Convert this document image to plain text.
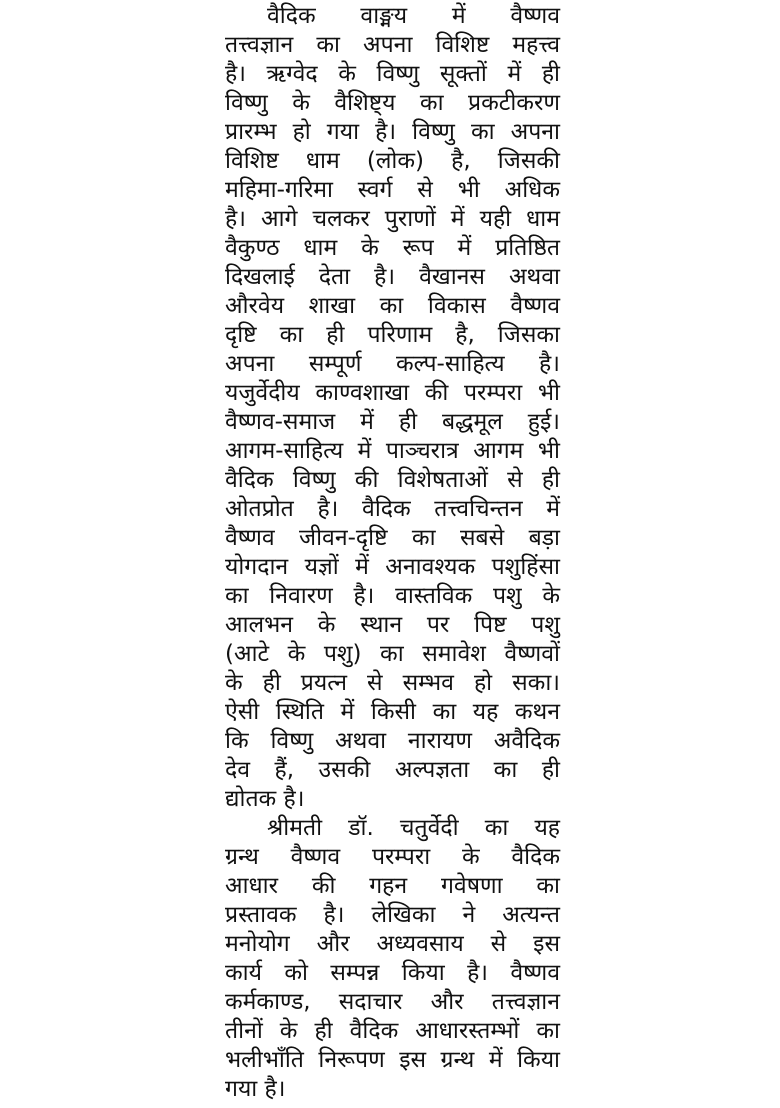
वैदिक वाङ्मय में वैष्णव
तत्त्वज्ञान का अपना विशिष्ट महत्त्व
है। ऋग्वेद के विष्णु सूक्तों में ही
विष्णु के वैशिष्ट्य का प्रकटीकरण
प्रारम्भ हो गया है। विष्णु का अपना
विशिष्ट धाम (लोक) है, जिसकी
महिमा-गरिमा स्वर्ग से भी अधिक
है। आगे चलकर पुराणों में यही धाम
वैकुण्ठ धाम के रूप में प्रतिष्ठित
दिखलाई देता है। वैखानस अथवा
औरवेय शाखा का विकास वैष्णव
दृष्टि का ही परिणाम है, जिसका
अपना सम्पूर्ण कल्प-साहित्य है।
यजुर्वेदीय काण्वशाखा की परम्परा भी
वैष्णव-समाज में ही बद्धमूल हुई।
आगम-साहित्य में पाञ्चरात्र आगम भी
वैदिक विष्णु की विशेषताओं से ही
ओतप्रोत है। वैदिक तत्त्वचिन्तन में
वैष्णव जीवन-दृष्टि का सबसे बड़ा
योगदान यज्ञों में अनावश्यक पशुहिंसा
का निवारण है। वास्तविक पशु के
आलभन के स्थान पर पिष्ट पशु
(आटे के पशु) का समावेश वैष्णवों
के ही प्रयत्न से सम्भव हो सका।
ऐसी स्थिति में किसी का यह कथन
कि विष्णु अथवा नारायण अवैदिक
देव हैं, उसकी अल्पज्ञता का ही
द्योतक है।
श्रीमती डॉ. चतुर्वेदी का यह
ग्रन्थ वैष्णव परम्परा के वैदिक
आधार की गहन गवेषणा का
प्रस्तावक है। लेखिका ने अत्यन्त
मनोयोग और अध्यवसाय से इस
कार्य को सम्पन्न किया है। वैष्णव
कर्मकाण्ड, सदाचार और तत्त्वज्ञान
तीनों के ही वैदिक आधारस्तम्भों का
भलीभाँति निरूपण इस ग्रन्थ में किया
गया है।
